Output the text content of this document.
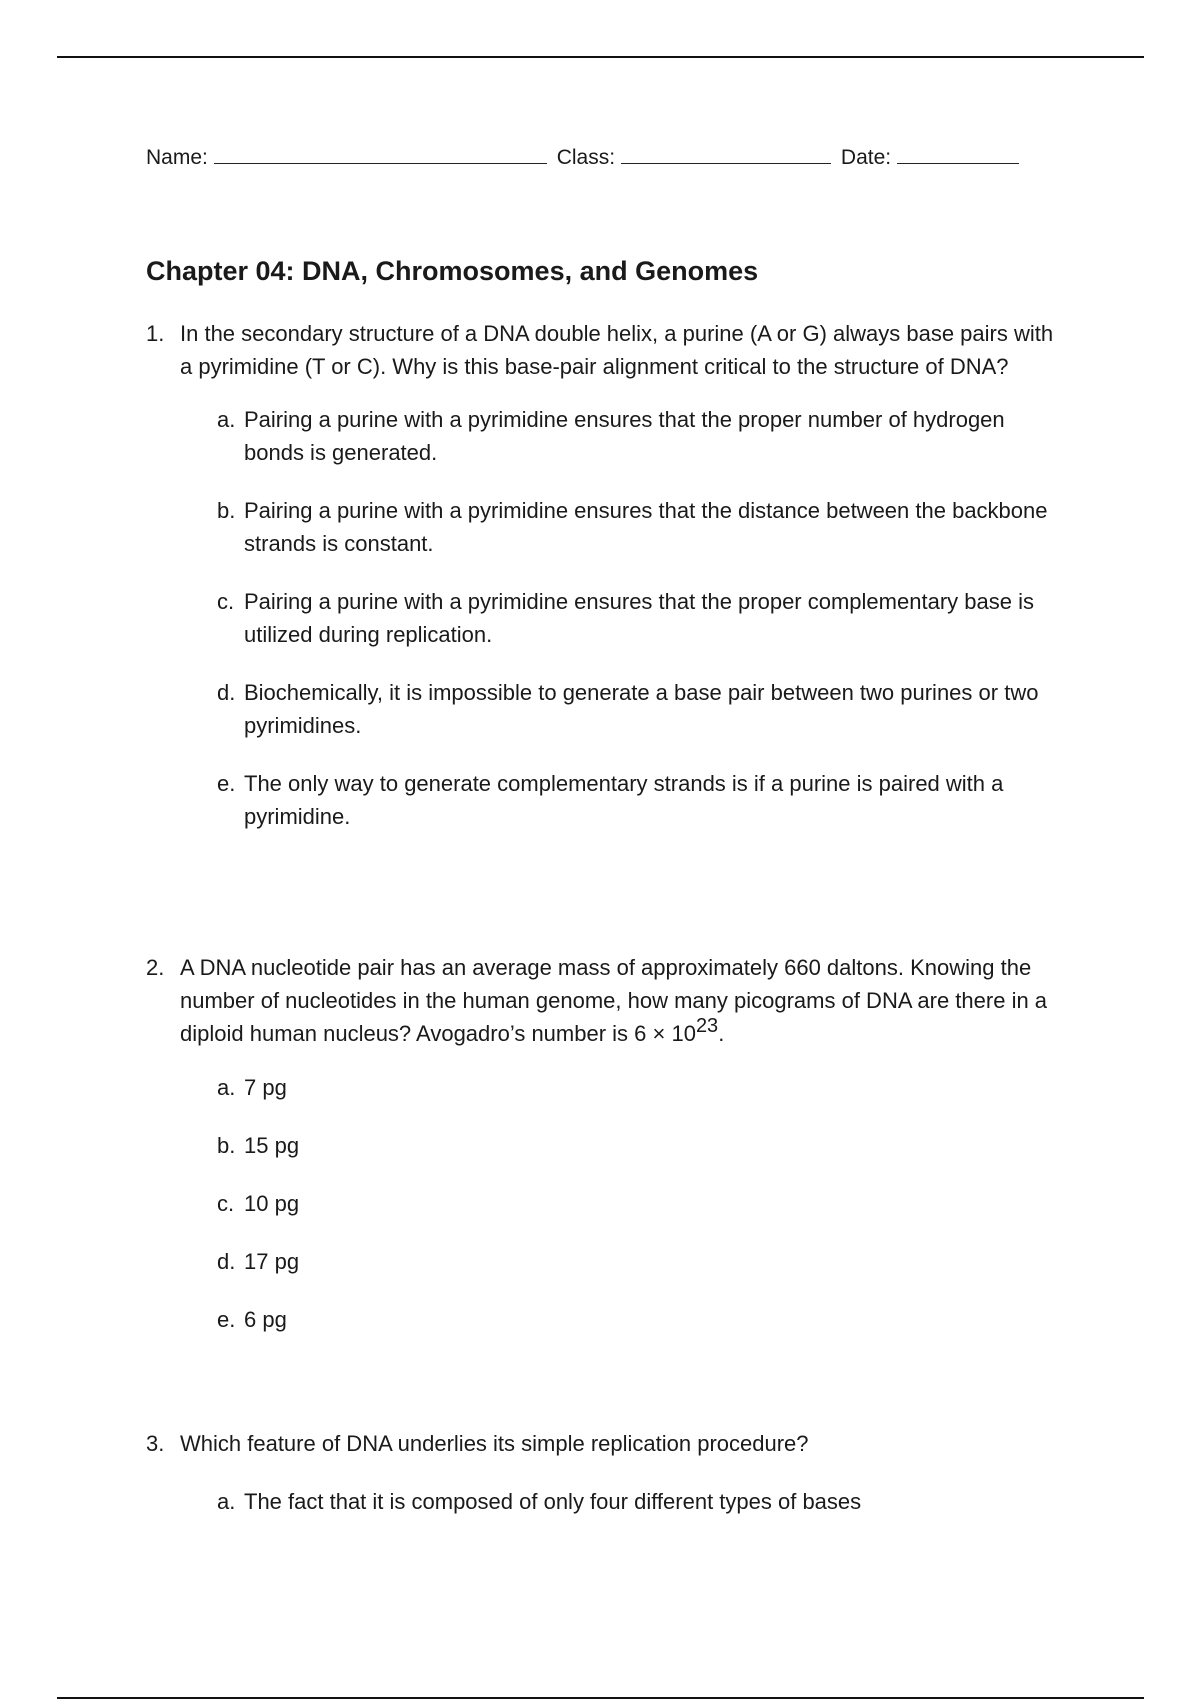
Name:	Class:	Date:
Chapter 04: DNA, Chromosomes, and Genomes
1. In the secondary structure of a DNA double helix, a purine (A or G) always base pairs with a pyrimidine (T or C). Why is this base-pair alignment critical to the structure of DNA?
a. Pairing a purine with a pyrimidine ensures that the proper number of hydrogen bonds is generated.
b. Pairing a purine with a pyrimidine ensures that the distance between the backbone strands is constant.
c. Pairing a purine with a pyrimidine ensures that the proper complementary base is utilized during replication.
d. Biochemically, it is impossible to generate a base pair between two purines or two pyrimidines.
e. The only way to generate complementary strands is if a purine is paired with a pyrimidine.
2. A DNA nucleotide pair has an average mass of approximately 660 daltons. Knowing the number of nucleotides in the human genome, how many picograms of DNA are there in a diploid human nucleus? Avogadro’s number is 6 × 1023.
a. 7 pg
b. 15 pg
c. 10 pg
d. 17 pg
e. 6 pg
3. Which feature of DNA underlies its simple replication procedure?
a. The fact that it is composed of only four different types of bases
